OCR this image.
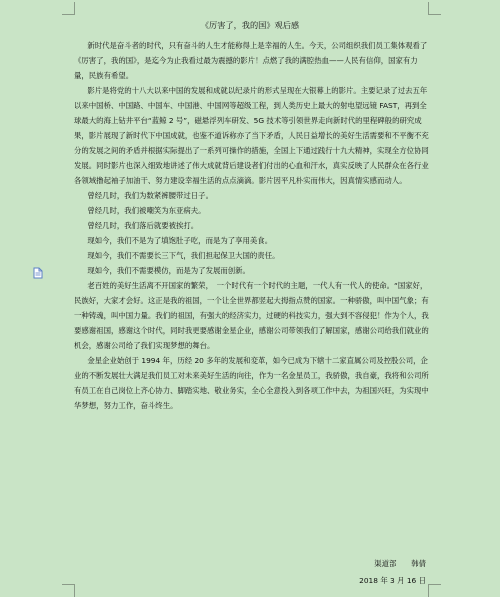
《厉害了，我的国》观后感

新时代是奋斗者的时代，只有奋斗的人生才能称得上是幸福的人生。今天，公司组织我们员工集体观看了《厉害了，我的国》，是迄今为止我看过最为震撼的影片！点燃了我的满腔热血——人民有信仰，国家有力量，民族有希望。

影片是将党的十八大以来中国的发展和成就以纪录片的形式呈现在大银幕上的影片。主要记录了过去五年以来中国桥、中国路、中国车、中国港、中国网等超级工程，到人类历史上最大的射电望远镜 FAST，再到全球最大的海上钻井平台“蓝鲸 2 号”，磁悬浮列车研发、5G 技术等引领世界走向新时代的里程碑般的研究成果，影片展现了新时代下中国成就，也鉴不道诉称亦了当下矛盾，人民日益增长的美好生活需要和不平衡不充分的发展之间的矛盾并根据实际提出了一系列可操作的措施，全国上下通过践行十九大精神，实现全方位协同发展。同时影片也深入细致地讲述了伟大成就背后建设者们付出的心血和汗水，真实反映了人民群众在各行业各领域撸起袖子加油干、努力建设幸福生活的点点滴滴。影片因平凡朴实而伟大，因真情实感而动人。

曾经几时，我们为数紧裤腰带过日子。

曾经几时，我们被嘲笑为东亚病夫。

曾经几时，我们落后就要被挨打。

现如今，我们不是为了填饱肚子吃，而是为了享用美食。

现如今，我们不需要长三下气，我们担起保卫大国的责任。

现如今，我们不需要模仿，而是为了发展而创新。

老百姓的美好生活离不开国家的繁荣，　一个时代有一个时代的主题，一代人有一代人的使命。“国家好，民族好，大家才会好。这正是我的祖国，一个让全世界都竖起大拇指点赞的国家。一种骄傲，叫中国气象；有一种铸魂，叫中国力量。我们的祖国，有强大的经济实力，过硬的科技实力，强大到不容侵犯！作为个人，我要感谢祖国，感谢这个时代，同时我更要感谢金星企业，感谢公司带领我们了解国家，感谢公司给我们就业的机会，感谢公司给了我们实现梦想的舞台。

金星企业始创于 1994 年，历经 20 多年的发展和変革，如今已成为下辖十二家直属公司及控股公司，企业的不断发展壮大满足我们员工对未来美好生活的向往，作为一名金星员工，我骄傲，我自豪，我将和公司所有员工在自己岗位上齐心协力、脚踏实地、敬业务实，全心全意投入到各项工作中去，为祖国兴旺，为实现中华梦想，努力工作，奋斗终生。

渠道部　　韩倩
2018 年 3 月 16 日
